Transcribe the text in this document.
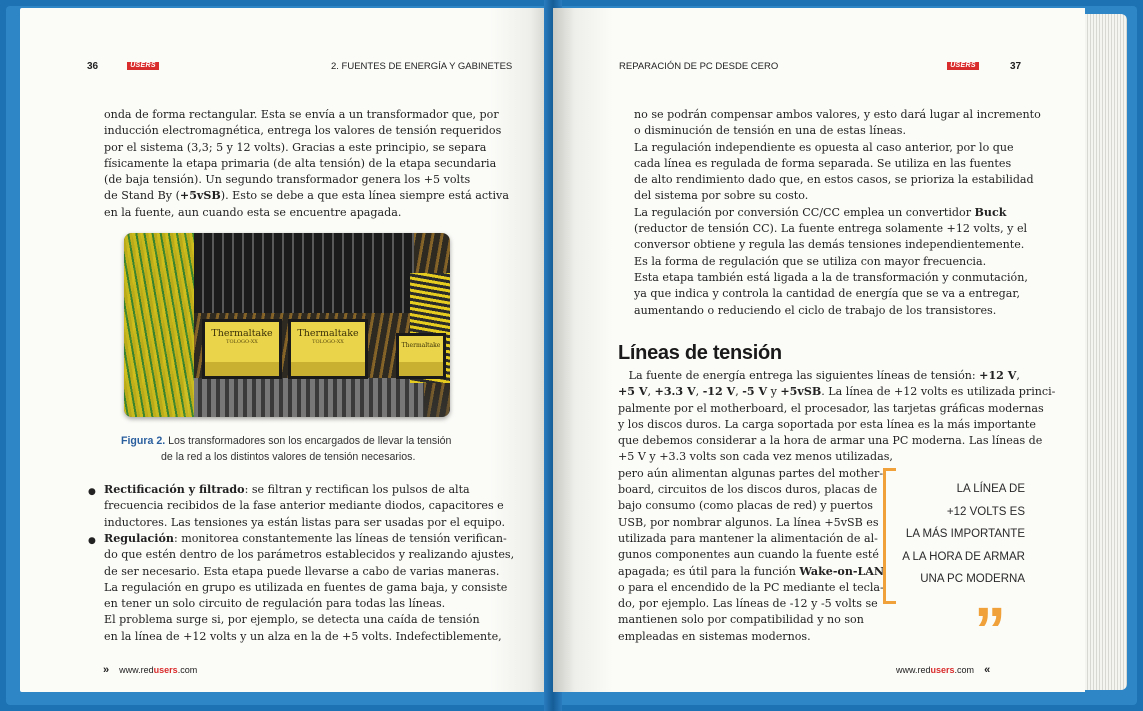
36	USERS	2. FUENTES DE ENERGÍA Y GABINETES

onda de forma rectangular. Esta se envía a un transformador que, por

inducción electromagnética, entrega los valores de tensión requeridos

por el sistema (3,3; 5 y 12 volts). Gracias a este principio, se separa

físicamente la etapa primaria (de alta tensión) de la etapa secundaria

(de baja tensión). Un segundo transformador genera los +5 volts

de Stand By (+5vSB). Esto se debe a que esta línea siempre está activa

en la fuente, aun cuando esta se encuentre apagada.

Thermaltake
TOLOGO-XX
Thermaltake
TOLOGO-XX	Thermaltake
Figura 2. Los transformadores son los encargados de llevar la tensión
de la red a los distintos valores de tensión necesarios.
● Rectificación y filtrado: se filtran y rectifican los pulsos de alta

frecuencia recibidos de la fase anterior mediante diodos, capacitores e

inductores. Las tensiones ya están listas para ser usadas por el equipo.

● Regulación: monitorea constantemente las líneas de tensión verifican-

do que estén dentro de los parámetros establecidos y realizando ajustes,

de ser necesario. Esta etapa puede llevarse a cabo de varias maneras.

La regulación en grupo es utilizada en fuentes de gama baja, y consiste

en tener un solo circuito de regulación para todas las líneas.

El problema surge si, por ejemplo, se detecta una caída de tensión

en la línea de +12 volts y un alza en la de +5 volts. Indefectiblemente,

» www.redusers.com
REPARACIÓN DE PC DESDE CERO	USERS	37

no se podrán compensar ambos valores, y esto dará lugar al incremento

o disminución de tensión en una de estas líneas.

La regulación independiente es opuesta al caso anterior, por lo que

cada línea es regulada de forma separada. Se utiliza en las fuentes

de alto rendimiento dado que, en estos casos, se prioriza la estabilidad

del sistema por sobre su costo.

La regulación por conversión CC/CC emplea un convertidor Buck

(reductor de tensión CC). La fuente entrega solamente +12 volts, y el

conversor obtiene y regula las demás tensiones independientemente.

Es la forma de regulación que se utiliza con mayor frecuencia.

Esta etapa también está ligada a la de transformación y conmutación,

ya que indica y controla la cantidad de energía que se va a entregar,

aumentando o reduciendo el ciclo de trabajo de los transistores.

Líneas de tensión

La fuente de energía entrega las siguientes líneas de tensión: +12 V,

+5 V, +3.3 V, -12 V, -5 V y +5vSB. La línea de +12 volts es utilizada princi-

palmente por el motherboard, el procesador, las tarjetas gráficas modernas

y los discos duros. La carga soportada por esta línea es la más importante

que debemos considerar a la hora de armar una PC moderna. Las líneas de

+5 V y +3.3 volts son cada vez menos utilizadas,

pero aún alimentan algunas partes del mother-

board, circuitos de los discos duros, placas de

bajo consumo (como placas de red) y puertos

USB, por nombrar algunos. La línea +5vSB es

utilizada para mantener la alimentación de al-

gunos componentes aun cuando la fuente esté

apagada; es útil para la función Wake-on-LAN

o para el encendido de la PC mediante el tecla-

do, por ejemplo. Las líneas de -12 y -5 volts se

mantienen solo por compatibilidad y no son

empleadas en sistemas modernos.

LA LÍNEA DE
+12 VOLTS ES
LA MÁS IMPORTANTE
A LA HORA DE ARMAR
UNA PC MODERNA
”
www.redusers.com «
